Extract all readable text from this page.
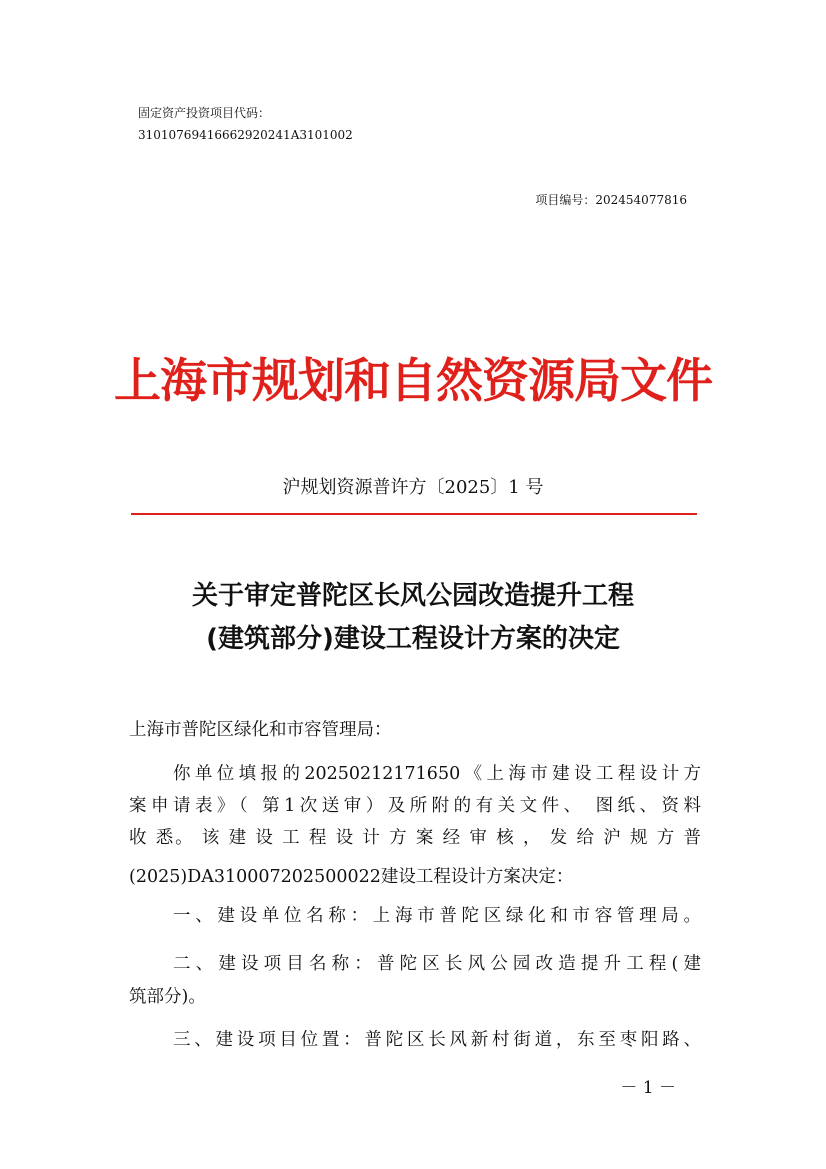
固定资产投资项目代码：
31010769416662920241A3101002
项目编号：202454077816
上海市规划和自然资源局文件
沪规划资源普许方〔2025〕1 号
关于审定普陀区长风公园改造提升工程
(建筑部分)建设工程设计方案的决定
上海市普陀区绿化和市容管理局：
你单位填报的20250212171650《上海市建设工程设计方
案申请表》（ 第1次送审）及所附的有关文件、 图纸、资料
收 悉。 该 建 设 工 程 设 计 方 案 经 审 核 ， 发 给 沪 规 方 普
(2025)DA310007202500022建设工程设计方案决定：
一、建设单位名称：上海市普陀区绿化和市容管理局。
二、建设项目名称：普陀区长风公园改造提升工程(建
筑部分)。
三、建设项目位置：普陀区长风新村街道，东至枣阳路、
－ 1 －
